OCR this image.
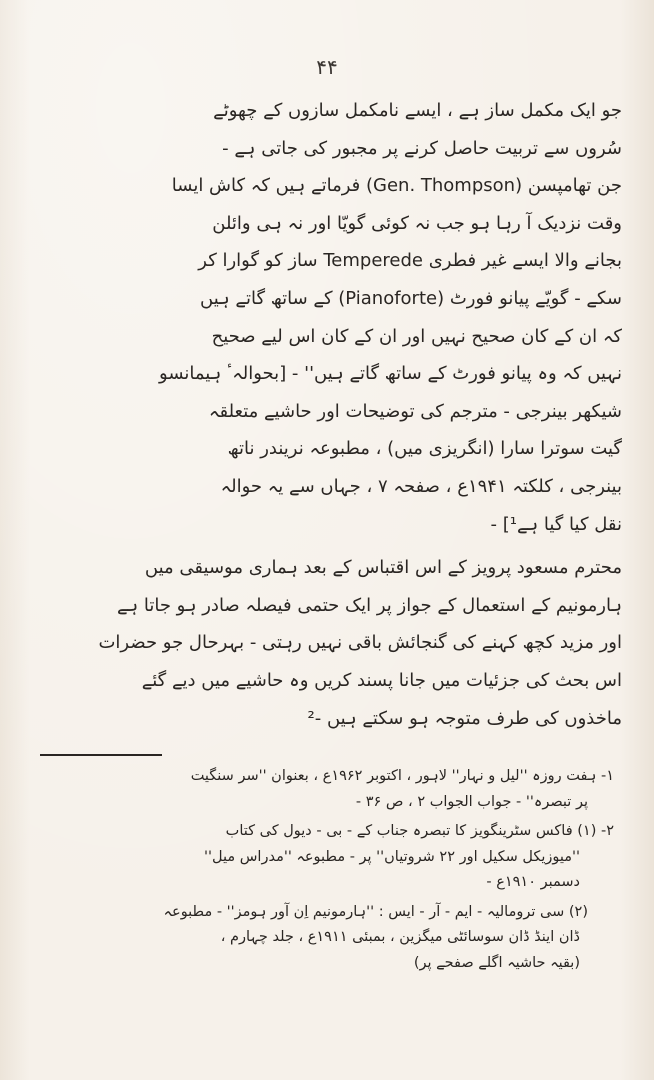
۴۴
جو ایک مکمل ساز ہے ، ایسے نامکمل سازوں کے چھوٹے
سُروں سے تربیت حاصل کرنے پر مجبور کی جاتی ہے -
جن تھامپسن (Gen. Thompson) فرماتے ہیں کہ کاش ایسا
وقت نزدیک آ رہا ہو جب نہ کوئی گویّا اور نہ ہی وائلن
بجانے والا ایسے غیر فطری Temperede ساز کو گوارا کر
سکے - گویّے پیانو فورٹ (Pianoforte) کے ساتھ گاتے ہیں
کہ ان کے کان صحیح نہیں اور ان کے کان اس لیے صحیح
نہیں کہ وہ پیانو فورٹ کے ساتھ گاتے ہیں'' - [بحوالہٴ ہیمانسو
شیکھر بینرجی - مترجم کی توضیحات اور حاشیے متعلقہ
گیت سوترا سارا (انگریزی میں) ، مطبوعہ نریندر ناتھ
بینرجی ، کلکتہ ۱۹۴۱ع ، صفحہ ۷ ، جہاں سے یہ حوالہ
نقل کیا گیا ہے¹] -
محترم مسعود پرویز کے اس اقتباس کے بعد ہماری موسیقی میں
ہارمونیم کے استعمال کے جواز پر ایک حتمی فیصلہ صادر ہو جاتا ہے
اور مزید کچھ کہنے کی گنجائش باقی نہیں رہتی - بہرحال جو حضرات
اس بحث کی جزئیات میں جانا پسند کریں وہ حاشیے میں دیے گئے
ماخذوں کی طرف متوجہ ہو سکتے ہیں -²
۱- ہفت روزہ ''لیل و نہار'' لاہور ، اکتوبر ۱۹۶۲ع ، بعنوان ''سر سنگیت
پر تبصرہ'' - جواب الجواب ۲ ، ص ۳۶ -
۲- (۱) فاکس سٹرینگویز کا تبصرہ جناب کے - بی - دیول کی کتاب
''میوزیکل سکیل اور ۲۲ شروتیاں'' پر - مطبوعہ ''مدراس میل''
دسمبر ۱۹۱۰ع -
(۲) سی ترومالیہ - ایم - آر - ایس : ''ہارمونیم اِن آور ہومز'' - مطبوعہ
ڈان اینڈ ڈان سوسائٹی میگزین ، بمبئی ۱۹۱۱ع ، جلد چہارم ،
(بقیہ حاشیہ اگلے صفحے پر)
